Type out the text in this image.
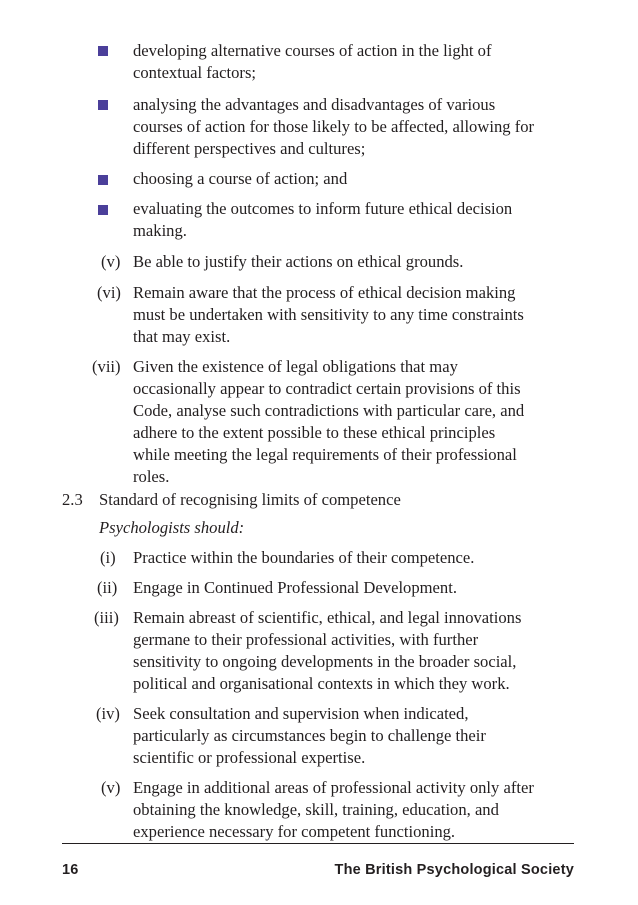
developing alternative courses of action in the light of
contextual factors;
analysing the advantages and disadvantages of various
courses of action for those likely to be affected, allowing for
different perspectives and cultures;
choosing a course of action; and
evaluating the outcomes to inform future ethical decision
making.
(v) Be able to justify their actions on ethical grounds.
(vi) Remain aware that the process of ethical decision making
must be undertaken with sensitivity to any time constraints
that may exist.
(vii) Given the existence of legal obligations that may
occasionally appear to contradict certain provisions of this
Code, analyse such contradictions with particular care, and
adhere to the extent possible to these ethical principles
while meeting the legal requirements of their professional
roles.
2.3 Standard of recognising limits of competence
Psychologists should:
(i) Practice within the boundaries of their competence.
(ii) Engage in Continued Professional Development.
(iii) Remain abreast of scientific, ethical, and legal innovations
germane to their professional activities, with further
sensitivity to ongoing developments in the broader social,
political and organisational contexts in which they work.
(iv) Seek consultation and supervision when indicated,
particularly as circumstances begin to challenge their
scientific or professional expertise.
(v) Engage in additional areas of professional activity only after
obtaining the knowledge, skill, training, education, and
experience necessary for competent functioning.
16	The British Psychological Society
